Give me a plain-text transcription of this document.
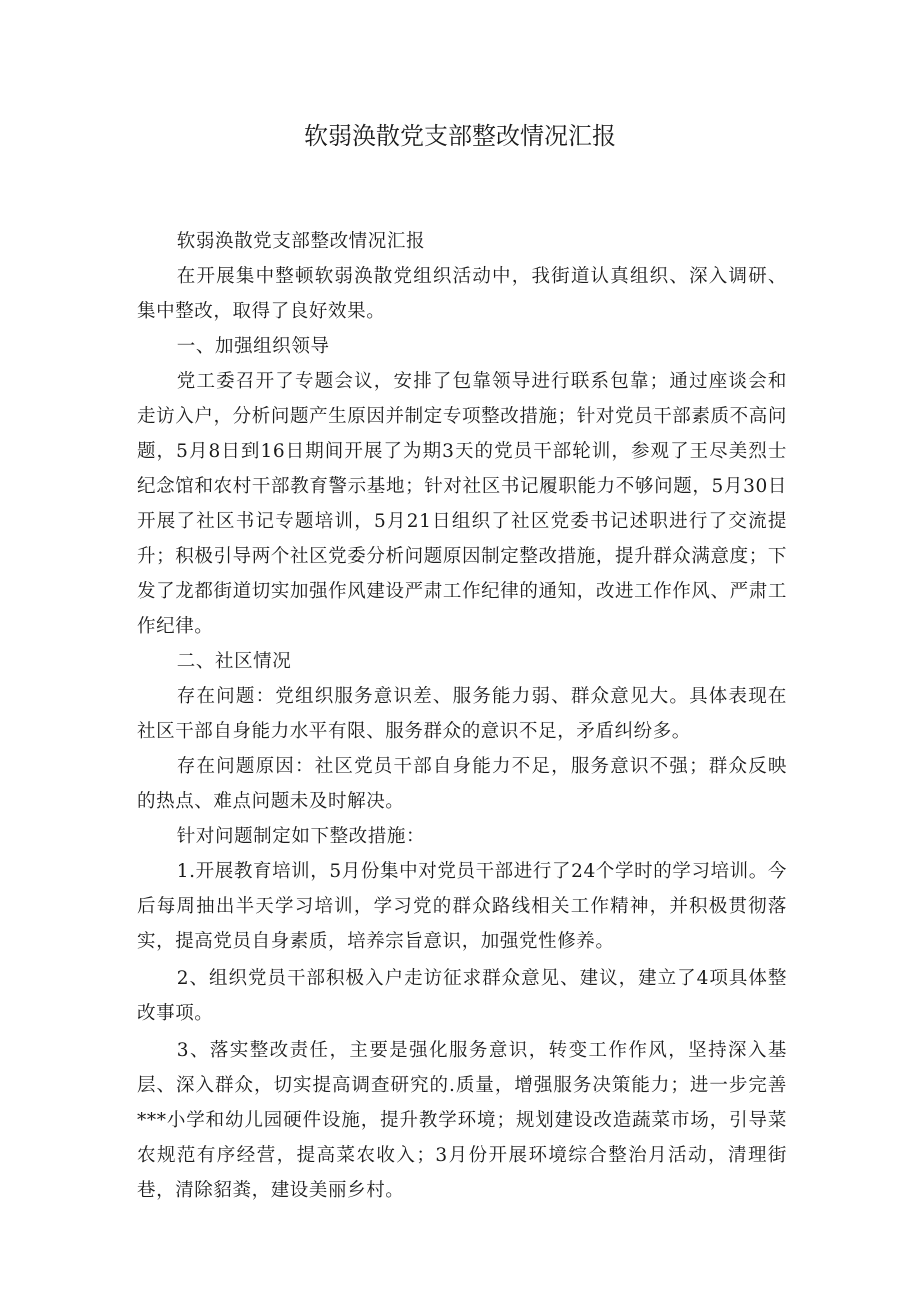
软弱涣散党支部整改情况汇报

软弱涣散党支部整改情况汇报

在开展集中整顿软弱涣散党组织活动中，我街道认真组织、深入调研、集中整改，取得了良好效果。

一、加强组织领导

党工委召开了专题会议，安排了包靠领导进行联系包靠；通过座谈会和走访入户，分析问题产生原因并制定专项整改措施；针对党员干部素质不高问题，5月8日到16日期间开展了为期3天的党员干部轮训，参观了王尽美烈士纪念馆和农村干部教育警示基地；针对社区书记履职能力不够问题，5月30日开展了社区书记专题培训，5月21日组织了社区党委书记述职进行了交流提升；积极引导两个社区党委分析问题原因制定整改措施，提升群众满意度；下发了龙都街道切实加强作风建设严肃工作纪律的通知，改进工作作风、严肃工作纪律。

二、社区情况

存在问题：党组织服务意识差、服务能力弱、群众意见大。具体表现在社区干部自身能力水平有限、服务群众的意识不足，矛盾纠纷多。

存在问题原因：社区党员干部自身能力不足，服务意识不强；群众反映的热点、难点问题未及时解决。

针对问题制定如下整改措施：

1.开展教育培训，5月份集中对党员干部进行了24个学时的学习培训。今后每周抽出半天学习培训，学习党的群众路线相关工作精神，并积极贯彻落实，提高党员自身素质，培养宗旨意识，加强党性修养。

2、组织党员干部积极入户走访征求群众意见、建议，建立了4项具体整改事项。

3、落实整改责任，主要是强化服务意识，转变工作作风，坚持深入基层、深入群众，切实提高调查研究的.质量，增强服务决策能力；进一步完善***小学和幼儿园硬件设施，提升教学环境；规划建设改造蔬菜市场，引导菜农规范有序经营，提高菜农收入；3月份开展环境综合整治月活动，清理街巷，清除貂粪，建设美丽乡村。
